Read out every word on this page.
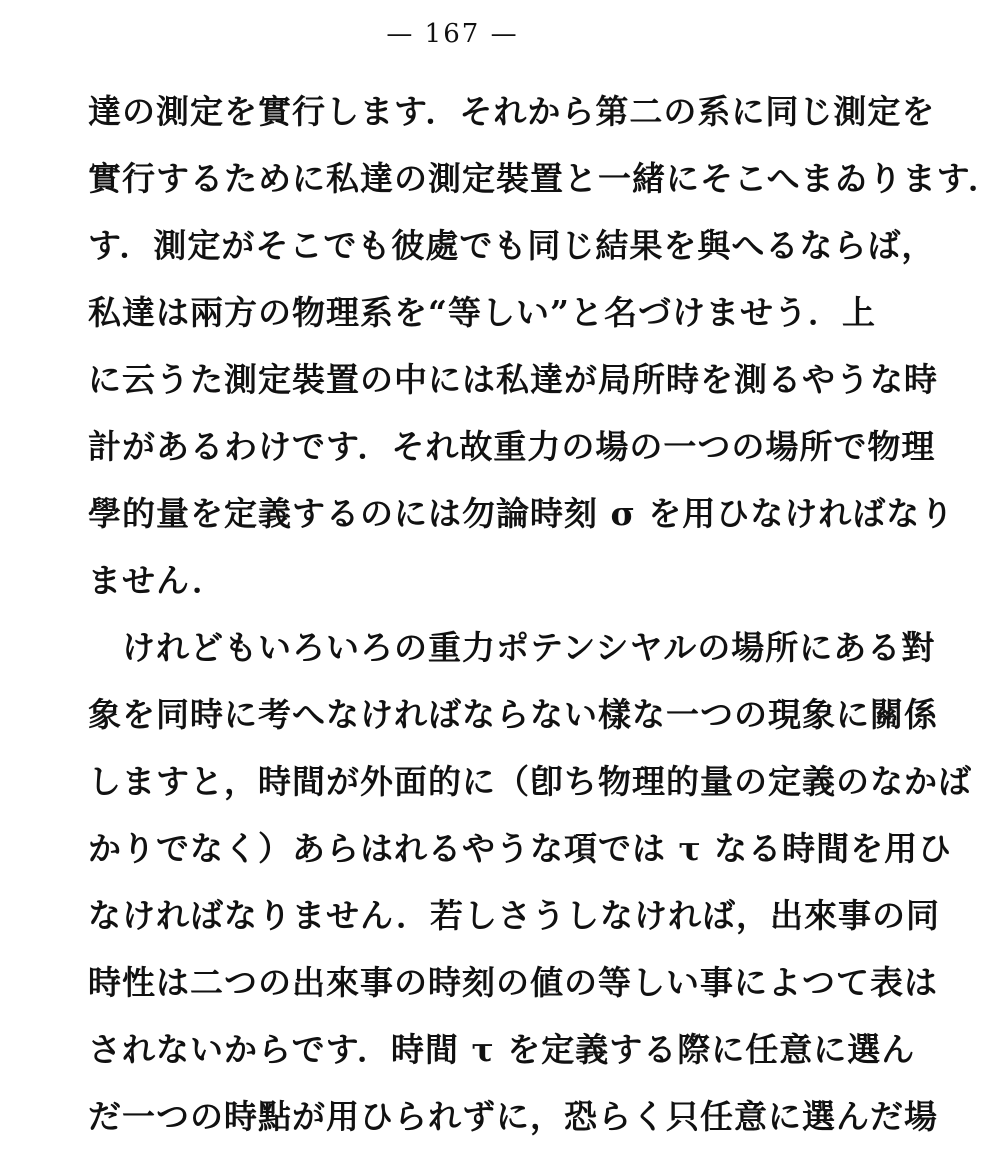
— 167 —
達の測定を實行します．それから第二の系に同じ測定を
實行するために私達の測定裝置と一緒にそこへまゐります．
す．測定がそこでも彼處でも同じ結果を與へるならば，
私達は兩方の物理系を“等しい”と名づけませう．上
に云うた測定裝置の中には私達が局所時を測るやうな時
計があるわけです．それ故重力の場の一つの場所で物理
學的量を定義するのには勿論時刻 σ を用ひなければなり
ません．
けれどもいろいろの重力ポテンシヤルの場所にある對
象を同時に考へなければならない樣な一つの現象に關係
しますと，時間が外面的に（卽ち物理的量の定義のなかば
かりでなく）あらはれるやうな項では τ なる時間を用ひ
なければなりません．若しさうしなければ，出來事の同
時性は二つの出來事の時刻の値の等しい事によつて表は
されないからです．時間 τ を定義する際に任意に選ん
だ一つの時點が用ひられずに，恐らく只任意に選んだ場
